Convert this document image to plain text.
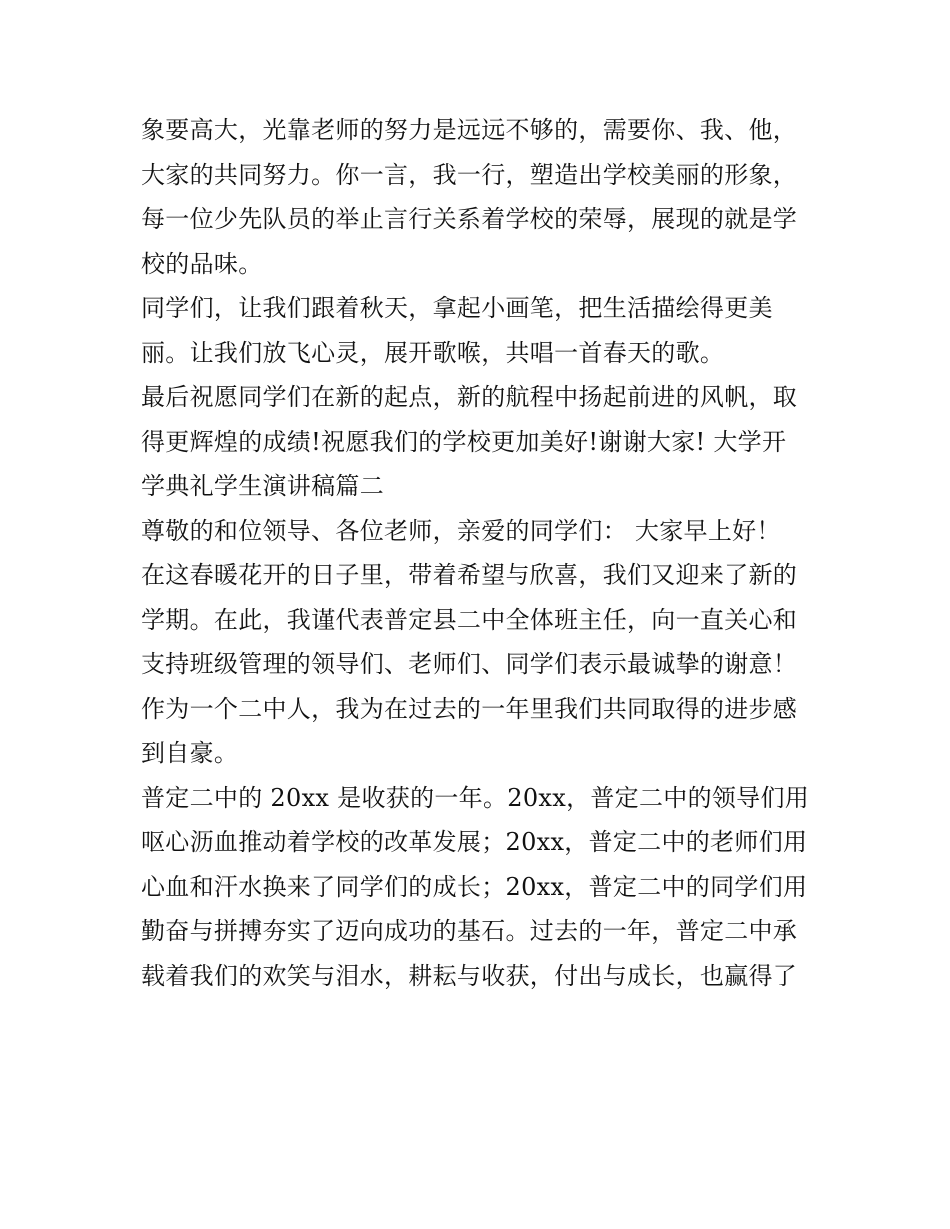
象要高大，光靠老师的努力是远远不够的，需要你、我、他，
大家的共同努力。你一言，我一行，塑造出学校美丽的形象，
每一位少先队员的举止言行关系着学校的荣辱，展现的就是学
校的品味。
同学们，让我们跟着秋天，拿起小画笔，把生活描绘得更美
丽。让我们放飞心灵，展开歌喉，共唱一首春天的歌。
最后祝愿同学们在新的起点，新的航程中扬起前进的风帆，取
得更辉煌的成绩!祝愿我们的学校更加美好!谢谢大家! 大学开
学典礼学生演讲稿篇二
尊敬的和位领导、各位老师，亲爱的同学们： 大家早上好！
在这春暖花开的日子里，带着希望与欣喜，我们又迎来了新的
学期。在此，我谨代表普定县二中全体班主任，向一直关心和
支持班级管理的领导们、老师们、同学们表示最诚挚的谢意！
作为一个二中人，我为在过去的一年里我们共同取得的进步感
到自豪。
普定二中的 20xx 是收获的一年。20xx，普定二中的领导们用
呕心沥血推动着学校的改革发展；20xx，普定二中的老师们用
心血和汗水换来了同学们的成长；20xx，普定二中的同学们用
勤奋与拼搏夯实了迈向成功的基石。过去的一年，普定二中承
载着我们的欢笑与泪水，耕耘与收获，付出与成长，也赢得了
